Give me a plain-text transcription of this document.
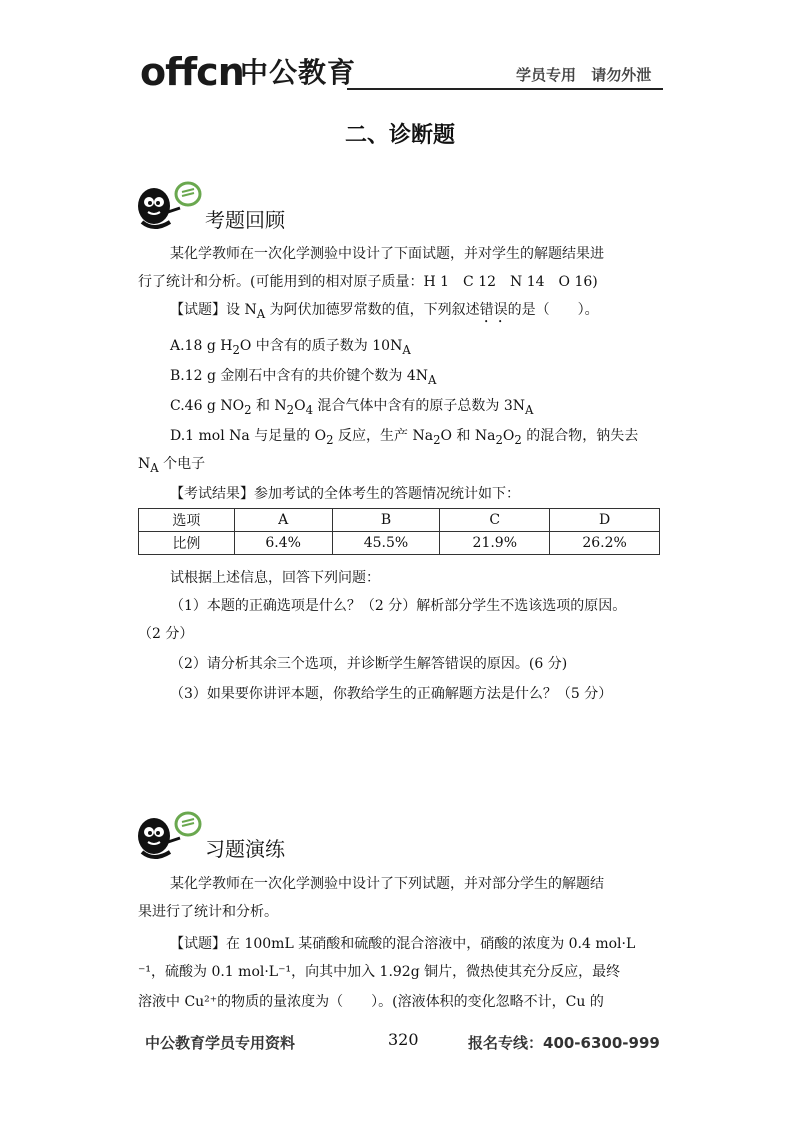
offcn
中公教育	学员专用 请勿外泄
二、诊断题
考题回顾
某化学教师在一次化学测验中设计了下面试题，并对学生的解题结果进
行了统计和分析。(可能用到的相对原子质量：H 1　C 12　N 14　O 16)
【试题】设 $N_A$ 为阿伏加德罗常数的值，下列叙述错误的是（　　）。
A.18 g $H_2O$ 中含有的质子数为 $10N_A$
B.12 g 金刚石中含有的共价键个数为 $4N_A$
C.46 g $NO_2$ 和 $N_2O_4$ 混合气体中含有的原子总数为 $3N_A$
D.1 mol Na 与足量的 $O_2$ 反应，生产 $Na_2O$ 和 $Na_2O_2$ 的混合物，钠失去
$N_A$ 个电子
【考试结果】参加考试的全体考生的答题情况统计如下：
选项	A	B	C	D
比例	6.4%	45.5%	21.9%	26.2%
试根据上述信息，回答下列问题：
（1）本题的正确选项是什么？（2 分）解析部分学生不选该选项的原因。
（2 分）
（2）请分析其余三个选项，并诊断学生解答错误的原因。(6 分)
（3）如果要你讲评本题，你教给学生的正确解题方法是什么？（5 分）
习题演练
某化学教师在一次化学测验中设计了下列试题，并对部分学生的解题结
果进行了统计和分析。
【试题】在 100mL 某硝酸和硫酸的混合溶液中，硝酸的浓度为 0.4 mol·L
⁻¹，硫酸为 0.1 mol·L⁻¹，向其中加入 1.92g 铜片，微热使其充分反应，最终
溶液中 Cu²⁺的物质的量浓度为（　　）。(溶液体积的变化忽略不计，Cu 的
中公教育学员专用资料	320	报名专线：400-6300-999
